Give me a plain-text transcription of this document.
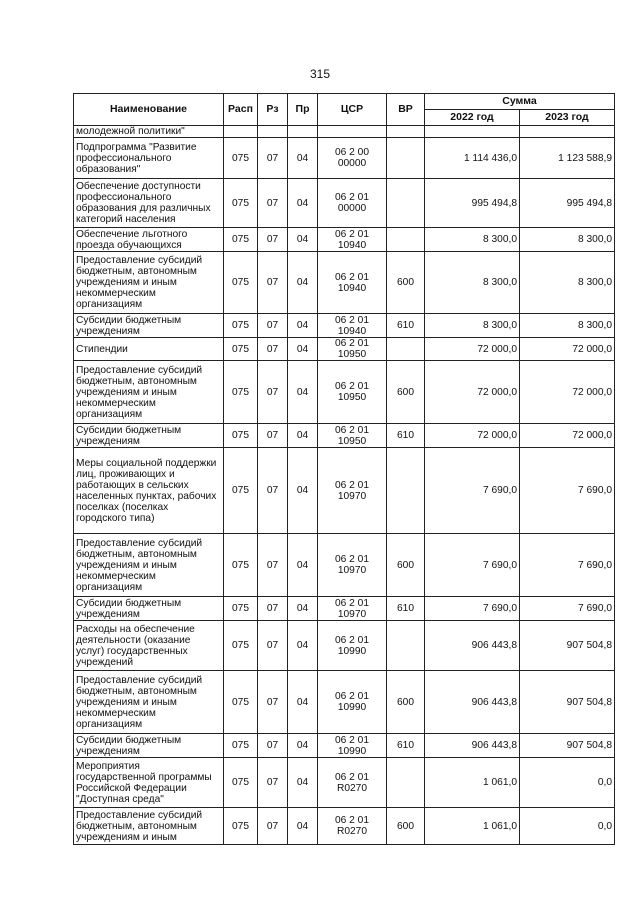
315
Наименование	Расп	Рз	Пр	ЦСР	ВР	Сумма	
						2022 год	2023 год
молодежной политики"							
Подпрограмма "Развитие профессионального образования"	075	07	04	06 2 00 00000		1 114 436,0	1 123 588,9
Обеспечение доступности профессионального образования для различных категорий населения	075	07	04	06 2 01 00000		995 494,8	995 494,8
Обеспечение льготного проезда обучающихся	075	07	04	06 2 01 10940		8 300,0	8 300,0
Предоставление субсидий бюджетным, автономным учреждениям и иным некоммерческим организациям	075	07	04	06 2 01 10940	600	8 300,0	8 300,0
Субсидии бюджетным учреждениям	075	07	04	06 2 01 10940	610	8 300,0	8 300,0
Стипендии	075	07	04	06 2 01 10950		72 000,0	72 000,0
Предоставление субсидий бюджетным, автономным учреждениям и иным некоммерческим организациям	075	07	04	06 2 01 10950	600	72 000,0	72 000,0
Субсидии бюджетным учреждениям	075	07	04	06 2 01 10950	610	72 000,0	72 000,0
Меры социальной поддержки лиц, проживающих и работающих в сельских населенных пунктах, рабочих поселках (поселках городского типа)	075	07	04	06 2 01 10970		7 690,0	7 690,0
Предоставление субсидий бюджетным, автономным учреждениям и иным некоммерческим организациям	075	07	04	06 2 01 10970	600	7 690,0	7 690,0
Субсидии бюджетным учреждениям	075	07	04	06 2 01 10970	610	7 690,0	7 690,0
Расходы на обеспечение деятельности (оказание услуг) государственных учреждений	075	07	04	06 2 01 10990		906 443,8	907 504,8
Предоставление субсидий бюджетным, автономным учреждениям и иным некоммерческим организациям	075	07	04	06 2 01 10990	600	906 443,8	907 504,8
Субсидии бюджетным учреждениям	075	07	04	06 2 01 10990	610	906 443,8	907 504,8
Мероприятия государственной программы Российской Федерации "Доступная среда"	075	07	04	06 2 01 R0270		1 061,0	0,0
Предоставление субсидий бюджетным, автономным учреждениям и иным	075	07	04	06 2 01 R0270	600	1 061,0	0,0
